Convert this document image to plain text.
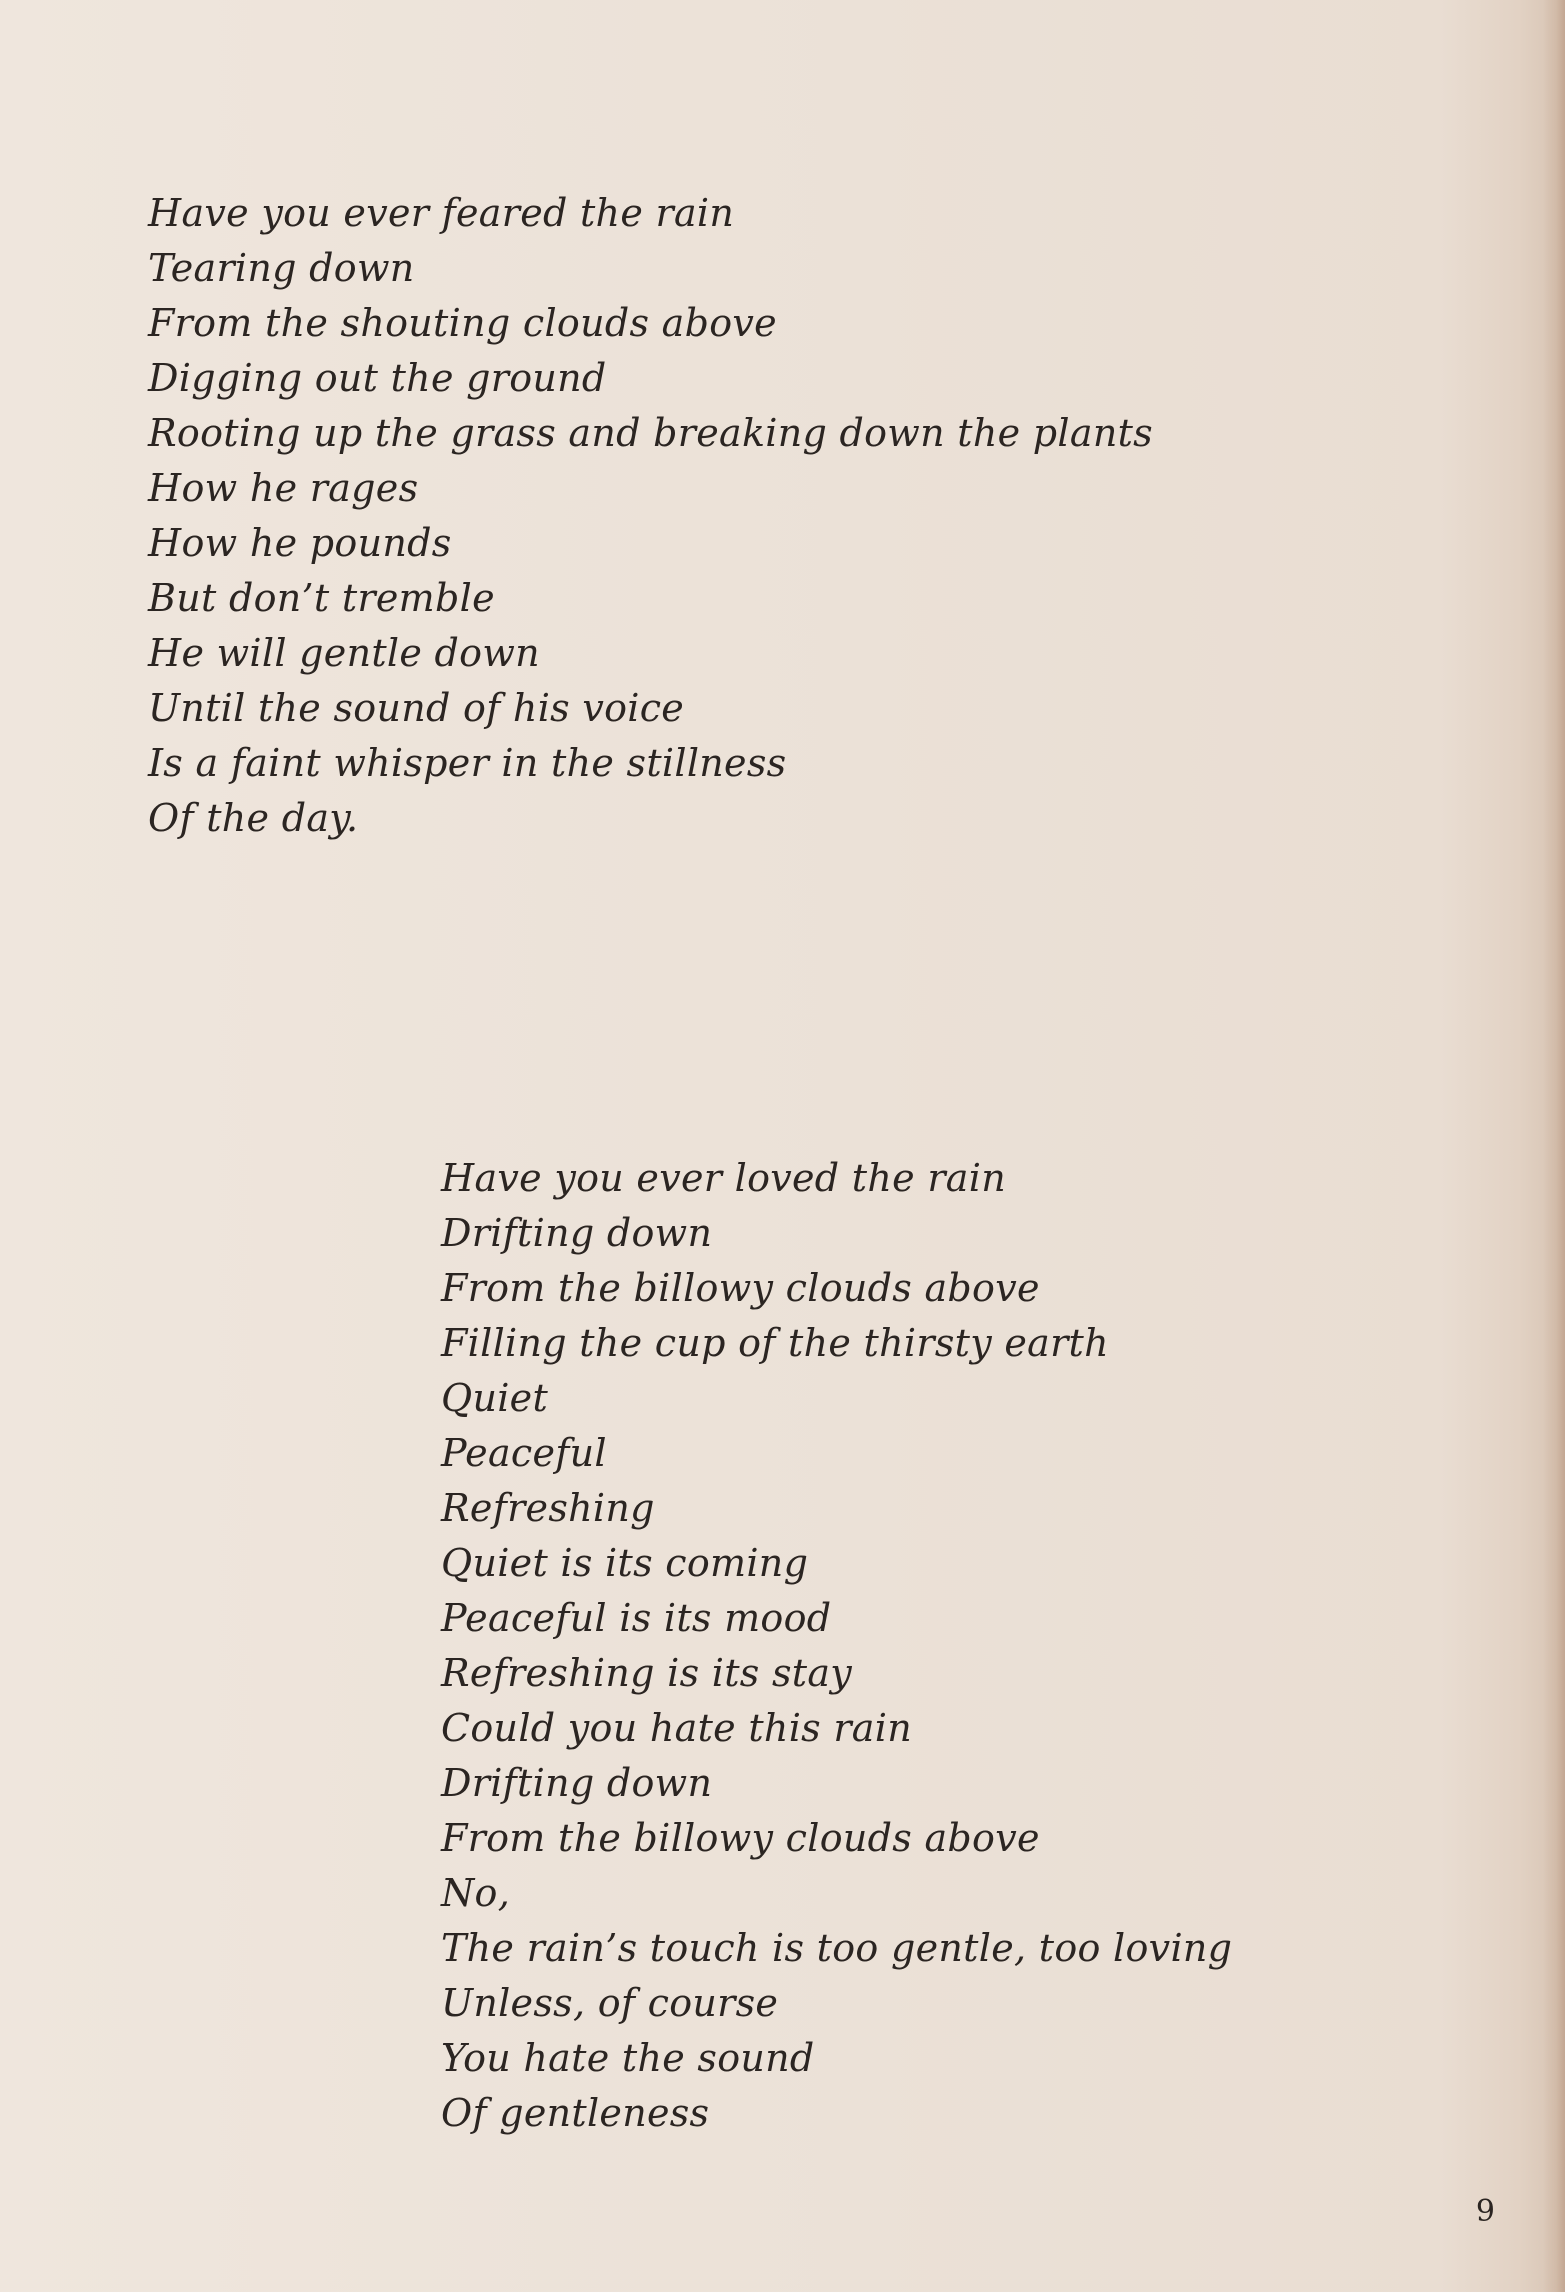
Have you ever feared the rain
Tearing down
From the shouting clouds above
Digging out the ground
Rooting up the grass and breaking down the plants
How he rages
How he pounds
But don’t tremble
He will gentle down
Until the sound of his voice
Is a faint whisper in the stillness
Of the day.
Have you ever loved the rain
Drifting down
From the billowy clouds above
Filling the cup of the thirsty earth
Quiet
Peaceful
Refreshing
Quiet is its coming
Peaceful is its mood
Refreshing is its stay
Could you hate this rain
Drifting down
From the billowy clouds above
No,
The rain’s touch is too gentle, too loving
Unless, of course
You hate the sound
Of gentleness
9
